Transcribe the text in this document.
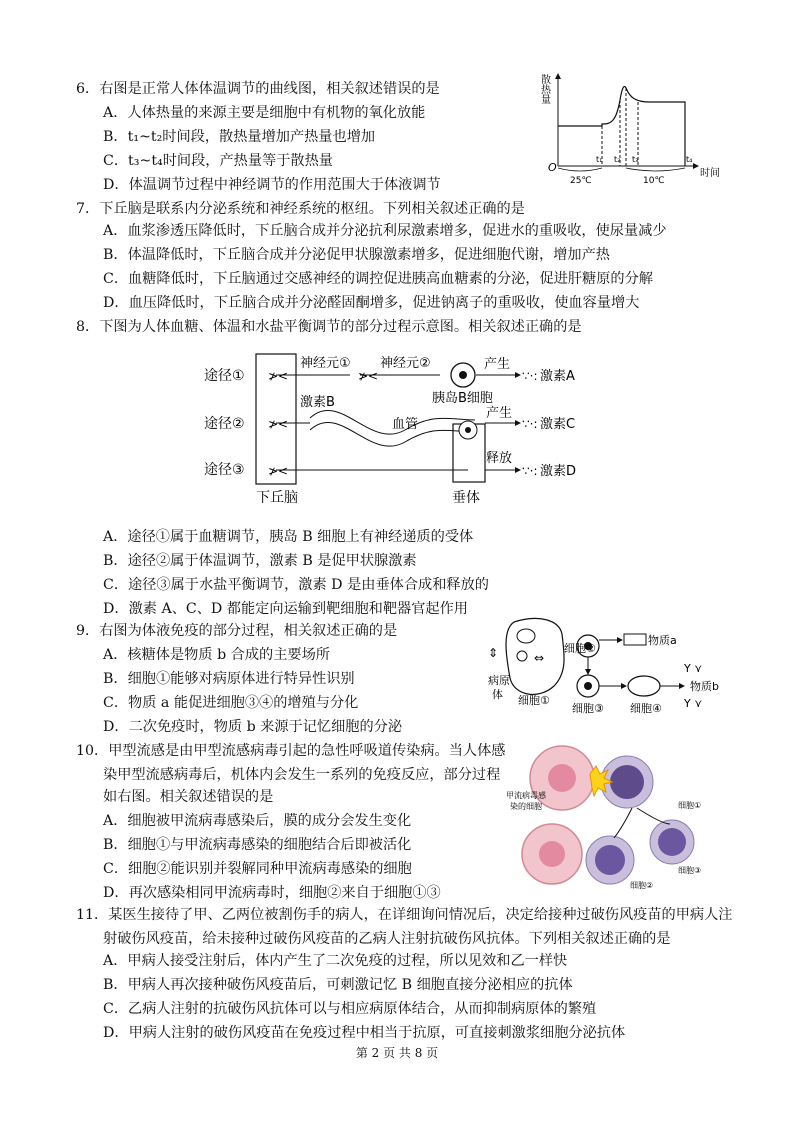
6．右图是正常人体体温调节的曲线图，相关叙述错误的是
A．人体热量的来源主要是细胞中有机物的氧化放能
B．t₁~t₂时间段，散热量增加产热量也增加
C．t₃~t₄时间段，产热量等于散热量
D．体温调节过程中神经调节的作用范围大于体液调节
散热量
时间
O
t₁ t₂ t₃	t₄
25℃	10℃
7．下丘脑是联系内分泌系统和神经系统的枢纽。下列相关叙述正确的是
A．血浆渗透压降低时，下丘脑合成并分泌抗利尿激素增多，促进水的重吸收，使尿量减少
B．体温降低时，下丘脑合成并分泌促甲状腺激素增多，促进细胞代谢，增加产热
C．血糖降低时，下丘脑通过交感神经的调控促进胰高血糖素的分泌，促进肝糖原的分解
D．血压降低时，下丘脑合成并分泌醛固酮增多，促进钠离子的重吸收，使血容量增大
8．下图为人体血糖、体温和水盐平衡调节的部分过程示意图。相关叙述正确的是
途径①
途径②
途径③
下丘脑	垂体
神经元① 神经元②
胰岛B细胞
产生
∵·: 激素A
激素B
血管
产生
∵·: 激素C
释放
∵·: 激素D
≯<
≯<
≯<
≯<
A．途径①属于血糖调节，胰岛 B 细胞上有神经递质的受体
B．途径②属于体温调节，激素 B 是促甲状腺激素
C．途径③属于水盐平衡调节，激素 D 是由垂体合成和释放的
D．激素 A、C、D 都能定向运输到靶细胞和靶器官起作用
9．右图为体液免疫的部分过程，相关叙述正确的是
A．核糖体是物质 b 合成的主要场所
B．细胞①能够对病原体进行特异性识别
C．物质 a 能促进细胞③④的增殖与分化
D．二次免疫时，物质 b 来源于记忆细胞的分泌
⇕	⇔
病原
体 细胞①
细胞②
物质a
细胞③ 细胞④
物质b
Y ⋎
Y ⋎
10．甲型流感是由甲型流感病毒引起的急性呼吸道传染病。当人体感
染甲型流感病毒后，机体内会发生一系列的免疫反应，部分过程
如右图。相关叙述错误的是
A．细胞被甲流病毒感染后，膜的成分会发生变化
B．细胞①与甲流病毒感染的细胞结合后即被活化
C．细胞②能识别并裂解同种甲流病毒感染的细胞
D．再次感染相同甲流病毒时，细胞②来自于细胞①③
甲流病毒感
染的细胞	细胞①
细胞②
细胞③
11．某医生接待了甲、乙两位被割伤手的病人，在详细询问情况后，决定给接种过破伤风疫苗的甲病人注
射破伤风疫苗，给未接种过破伤风疫苗的乙病人注射抗破伤风抗体。下列相关叙述正确的是
A．甲病人接受注射后，体内产生了二次免疫的过程，所以见效和乙一样快
B．甲病人再次接种破伤风疫苗后，可刺激记忆 B 细胞直接分泌相应的抗体
C．乙病人注射的抗破伤风抗体可以与相应病原体结合，从而抑制病原体的繁殖
D．甲病人注射的破伤风疫苗在免疫过程中相当于抗原，可直接刺激浆细胞分泌抗体
第 2 页 共 8 页
